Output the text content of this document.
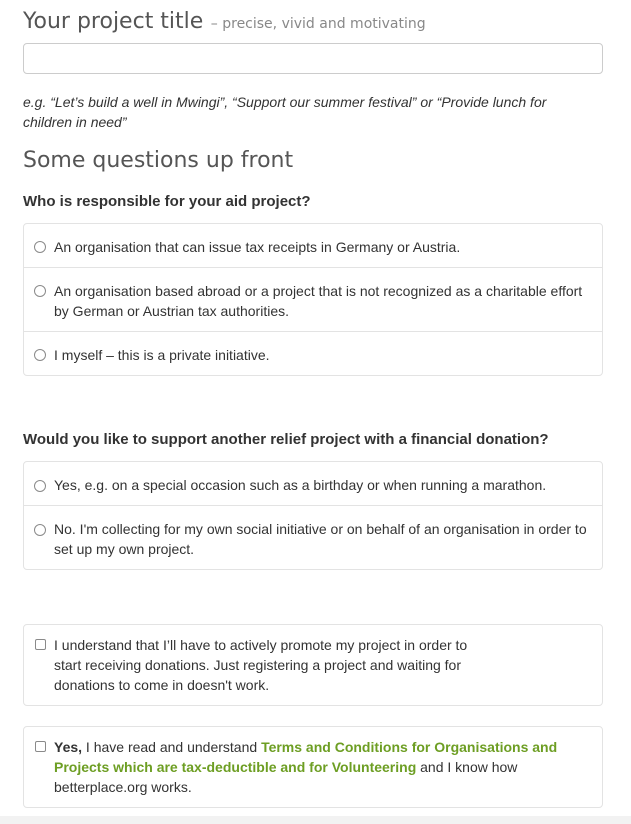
Your project title – precise, vivid and motivating
e.g. “Let’s build a well in Mwingi”, “Support our summer festival” or “Provide lunch for children in need”
Some questions up front
Who is responsible for your aid project?
An organisation that can issue tax receipts in Germany or Austria.
An organisation based abroad or a project that is not recognized as a charitable effort by German or Austrian tax authorities.
I myself – this is a private initiative.
Would you like to support another relief project with a financial donation?
Yes, e.g. on a special occasion such as a birthday or when running a marathon.
No. I'm collecting for my own social initiative or on behalf of an organisation in order to set up my own project.
I understand that I’ll have to actively promote my project in order to start receiving donations. Just registering a project and waiting for donations to come in doesn't work.
Yes, I have read and understand Terms and Conditions for Organisations and Projects which are tax-deductible and for Volunteering and I know how betterplace.org works.
